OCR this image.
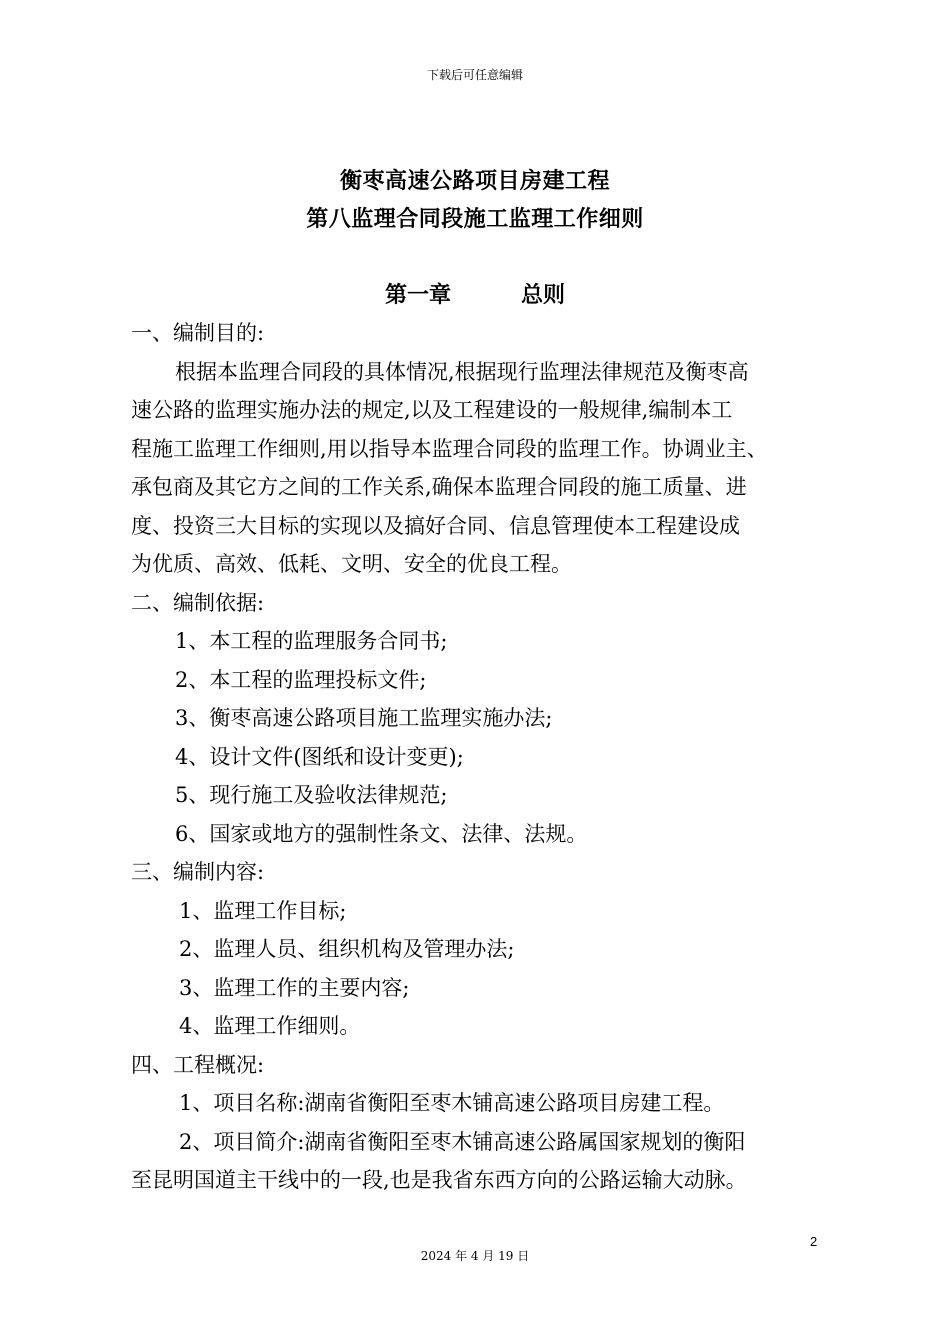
下载后可任意编辑
衡枣高速公路项目房建工程
第八监理合同段施工监理工作细则
第一章	总则
一、编制目的:
根据本监理合同段的具体情况,根据现行监理法律规范及衡枣高
速公路的监理实施办法的规定,以及工程建设的一般规律,编制本工
程施工监理工作细则,用以指导本监理合同段的监理工作。协调业主、
承包商及其它方之间的工作关系,确保本监理合同段的施工质量、进
度、投资三大目标的实现以及搞好合同、信息管理使本工程建设成
为优质、高效、低耗、文明、安全的优良工程。
二、编制依据:
1、本工程的监理服务合同书;
2、本工程的监理投标文件;
3、衡枣高速公路项目施工监理实施办法;
4、设计文件(图纸和设计变更);
5、现行施工及验收法律规范;
6、国家或地方的强制性条文、法律、法规。
三、编制内容:
1、监理工作目标;
2、监理人员、组织机构及管理办法;
3、监理工作的主要内容;
4、监理工作细则。
四、工程概况:
1、项目名称:湖南省衡阳至枣木铺高速公路项目房建工程。
2、项目简介:湖南省衡阳至枣木铺高速公路属国家规划的衡阳
至昆明国道主干线中的一段,也是我省东西方向的公路运输大动脉。
2
2024 年 4 月 19 日
